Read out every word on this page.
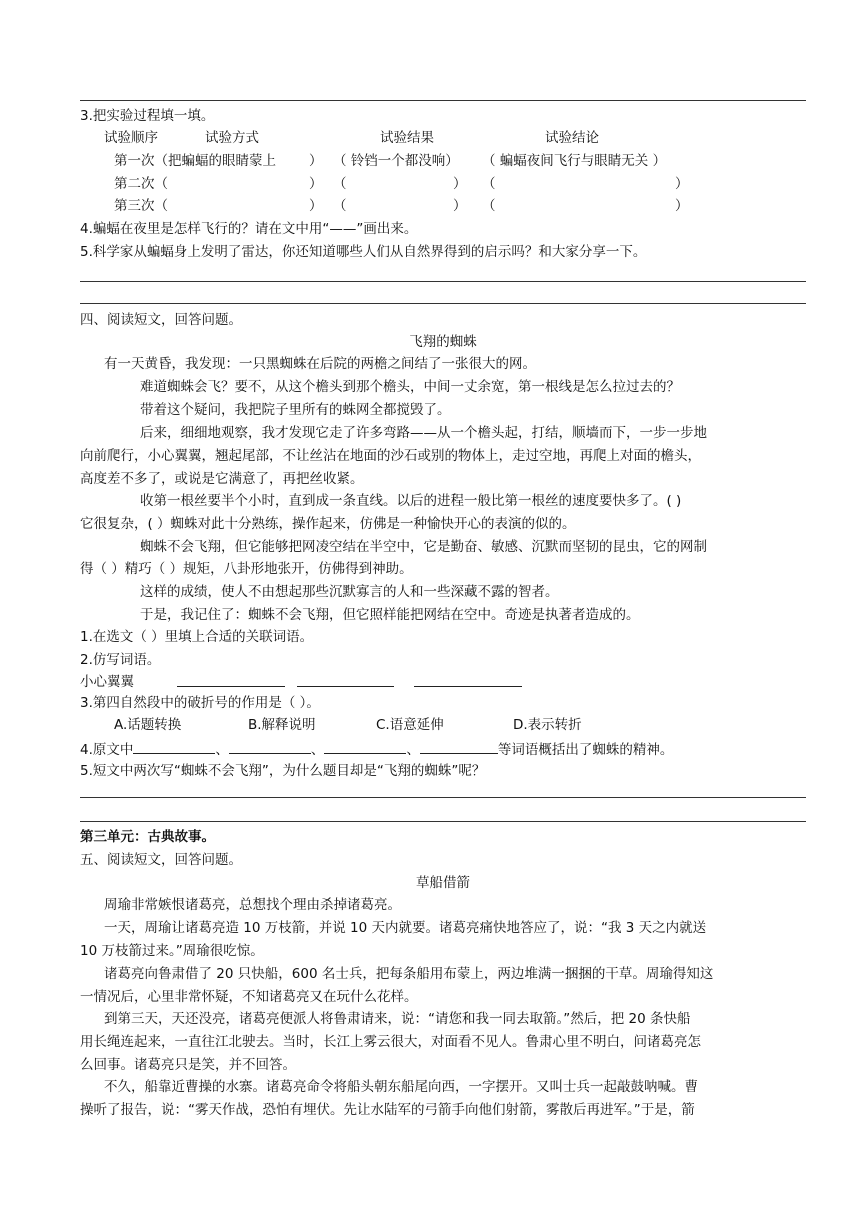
3.把实验过程填一填。
试验顺序	试验方式	试验结果	试验结论
第一次（把蝙蝠的眼睛蒙上 ） （ 铃铛一个都没响） （ 蝙蝠夜间飞行与眼睛无关 ）
第二次（	） （	） （	）
第三次（	） （	） （	）
4.蝙蝠在夜里是怎样飞行的？请在文中用“——”画出来。
5.科学家从蝙蝠身上发明了雷达，你还知道哪些人们从自然界得到的启示吗？和大家分享一下。
四、阅读短文，回答问题。
飞翔的蜘蛛
有一天黄昏，我发现：一只黑蜘蛛在后院的两檐之间结了一张很大的网。
难道蜘蛛会飞？要不，从这个檐头到那个檐头，中间一丈余宽，第一根线是怎么拉过去的？
带着这个疑问，我把院子里所有的蛛网全都搅毁了。
后来，细细地观察，我才发现它走了许多弯路——从一个檐头起，打结，顺墙而下，一步一步地
向前爬行，小心翼翼，翘起尾部，不让丝沾在地面的沙石或别的物体上，走过空地，再爬上对面的檐头，
高度差不多了，或说是它满意了，再把丝收紧。
收第一根丝要半个小时，直到成一条直线。以后的进程一般比第一根丝的速度要快多了。( )
它很复杂，( ）蜘蛛对此十分熟练，操作起来，仿佛是一种愉快开心的表演的似的。
蜘蛛不会飞翔，但它能够把网凌空结在半空中，它是勤奋、敏感、沉默而坚韧的昆虫，它的网制
得（ ）精巧（ ）规矩，八卦形地张开，仿佛得到神助。
这样的成绩，使人不由想起那些沉默寡言的人和一些深藏不露的智者。
于是，我记住了：蜘蛛不会飞翔，但它照样能把网结在空中。奇迹是执著者造成的。
1.在选文（ ）里填上合适的关联词语。
2.仿写词语。
小心翼翼
3.第四自然段中的破折号的作用是（ ）。
A.话题转换	B.解释说明	C.语意延伸	D.表示转折
4.原文中	、	、	、	等词语概括出了蜘蛛的精神。
5.短文中两次写“蜘蛛不会飞翔”，为什么题目却是“飞翔的蜘蛛”呢？
第三单元：古典故事。
五、阅读短文，回答问题。
草船借箭
周瑜非常嫉恨诸葛亮，总想找个理由杀掉诸葛亮。
一天，周瑜让诸葛亮造 10 万枝箭，并说 10 天内就要。诸葛亮痛快地答应了，说：“我 3 天之内就送
10 万枝箭过来。”周瑜很吃惊。
诸葛亮向鲁肃借了 20 只快船，600 名士兵，把每条船用布蒙上，两边堆满一捆捆的干草。周瑜得知这
一情况后，心里非常怀疑，不知诸葛亮又在玩什么花样。
到第三天，天还没亮，诸葛亮便派人将鲁肃请来，说：“请您和我一同去取箭。”然后，把 20 条快船
用长绳连起来，一直往江北驶去。当时，长江上雾云很大，对面看不见人。鲁肃心里不明白，问诸葛亮怎
么回事。诸葛亮只是笑，并不回答。
不久，船靠近曹操的水寨。诸葛亮命令将船头朝东船尾向西，一字摆开。又叫士兵一起敲鼓呐喊。曹
操听了报告，说：“雾天作战，恐怕有埋伏。先让水陆军的弓箭手向他们射箭，雾散后再进军。”于是，箭
